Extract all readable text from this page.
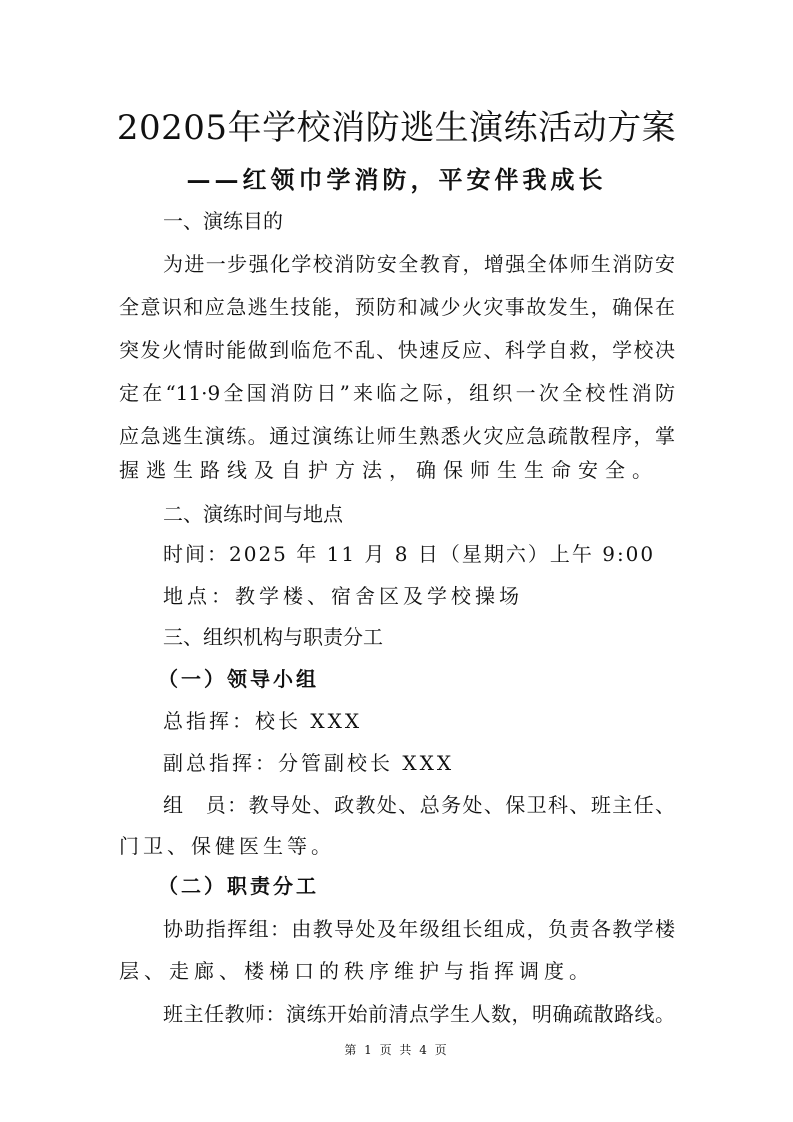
20205年学校消防逃生演练活动方案
——红领巾学消防，平安伴我成长
一、演练目的
为进一步强化学校消防安全教育，增强全体师生消防安
全意识和应急逃生技能，预防和减少火灾事故发生，确保在
突发火情时能做到临危不乱、快速反应、科学自救，学校决
定在“11·9全国消防日”来临之际，组织一次全校性消防
应急逃生演练。通过演练让师生熟悉火灾应急疏散程序，掌
握逃生路线及自护方法，确保师生生命安全。
二、演练时间与地点
时间：2025 年 11 月 8 日（星期六）上午 9:00
地点：教学楼、宿舍区及学校操场
三、组织机构与职责分工
（一）领导小组
总指挥：校长 XXX
副总指挥：分管副校长 XXX
组　员：教导处、政教处、总务处、保卫科、班主任、
门卫、保健医生等。
（二）职责分工
协助指挥组：由教导处及年级组长组成，负责各教学楼
层、走廊、楼梯口的秩序维护与指挥调度。
班主任教师：演练开始前清点学生人数，明确疏散路线。
第 1 页 共 4 页
